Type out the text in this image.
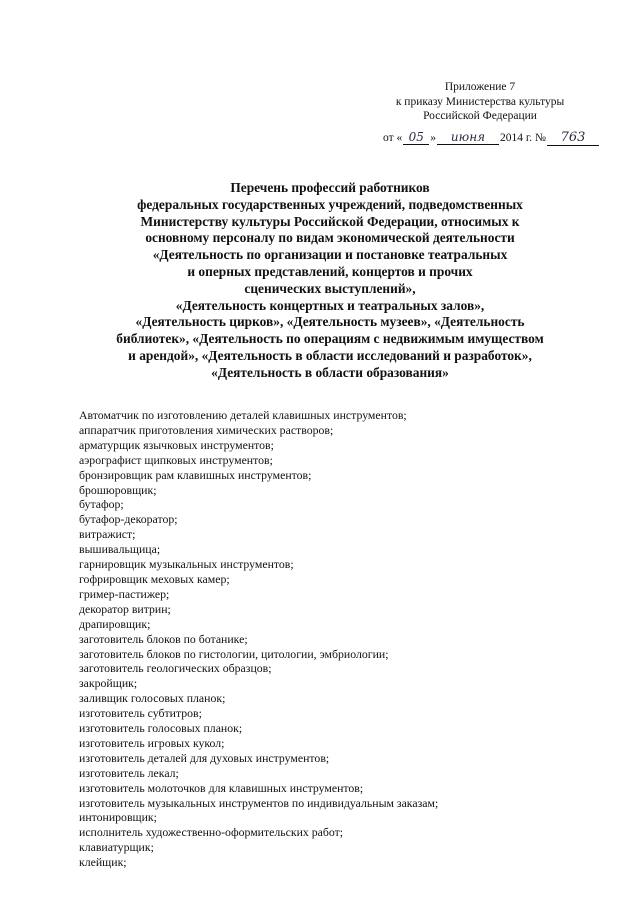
Приложение 7
к приказу Министерства культуры
Российской Федерации
от « 05 »	июня	2014 г. №	763
Перечень профессий работников
федеральных государственных учреждений, подведомственных
Министерству культуры Российской Федерации, относимых к
основному персоналу по видам экономической деятельности
«Деятельность по организации и постановке театральных
и оперных представлений, концертов и прочих
сценических выступлений»,
«Деятельность концертных и театральных залов»,
«Деятельность цирков», «Деятельность музеев», «Деятельность
библиотек», «Деятельность по операциям с недвижимым имуществом
и арендой», «Деятельность в области исследований и разработок»,
«Деятельность в области образования»
Автоматчик по изготовлению деталей клавишных инструментов;
аппаратчик приготовления химических растворов;
арматурщик язычковых инструментов;
аэрографист щипковых инструментов;
бронзировщик рам клавишных инструментов;
брошюровщик;
бутафор;
бутафор-декоратор;
витражист;
вышивальщица;
гарнировщик музыкальных инструментов;
гофрировщик меховых камер;
гример-пастижер;
декоратор витрин;
драпировщик;
заготовитель блоков по ботанике;
заготовитель блоков по гистологии, цитологии, эмбриологии;
заготовитель геологических образцов;
закройщик;
заливщик голосовых планок;
изготовитель субтитров;
изготовитель голосовых планок;
изготовитель игровых кукол;
изготовитель деталей для духовых инструментов;
изготовитель лекал;
изготовитель молоточков для клавишных инструментов;
изготовитель музыкальных инструментов по индивидуальным заказам;
интонировщик;
исполнитель художественно-оформительских работ;
клавиатурщик;
клейщик;
